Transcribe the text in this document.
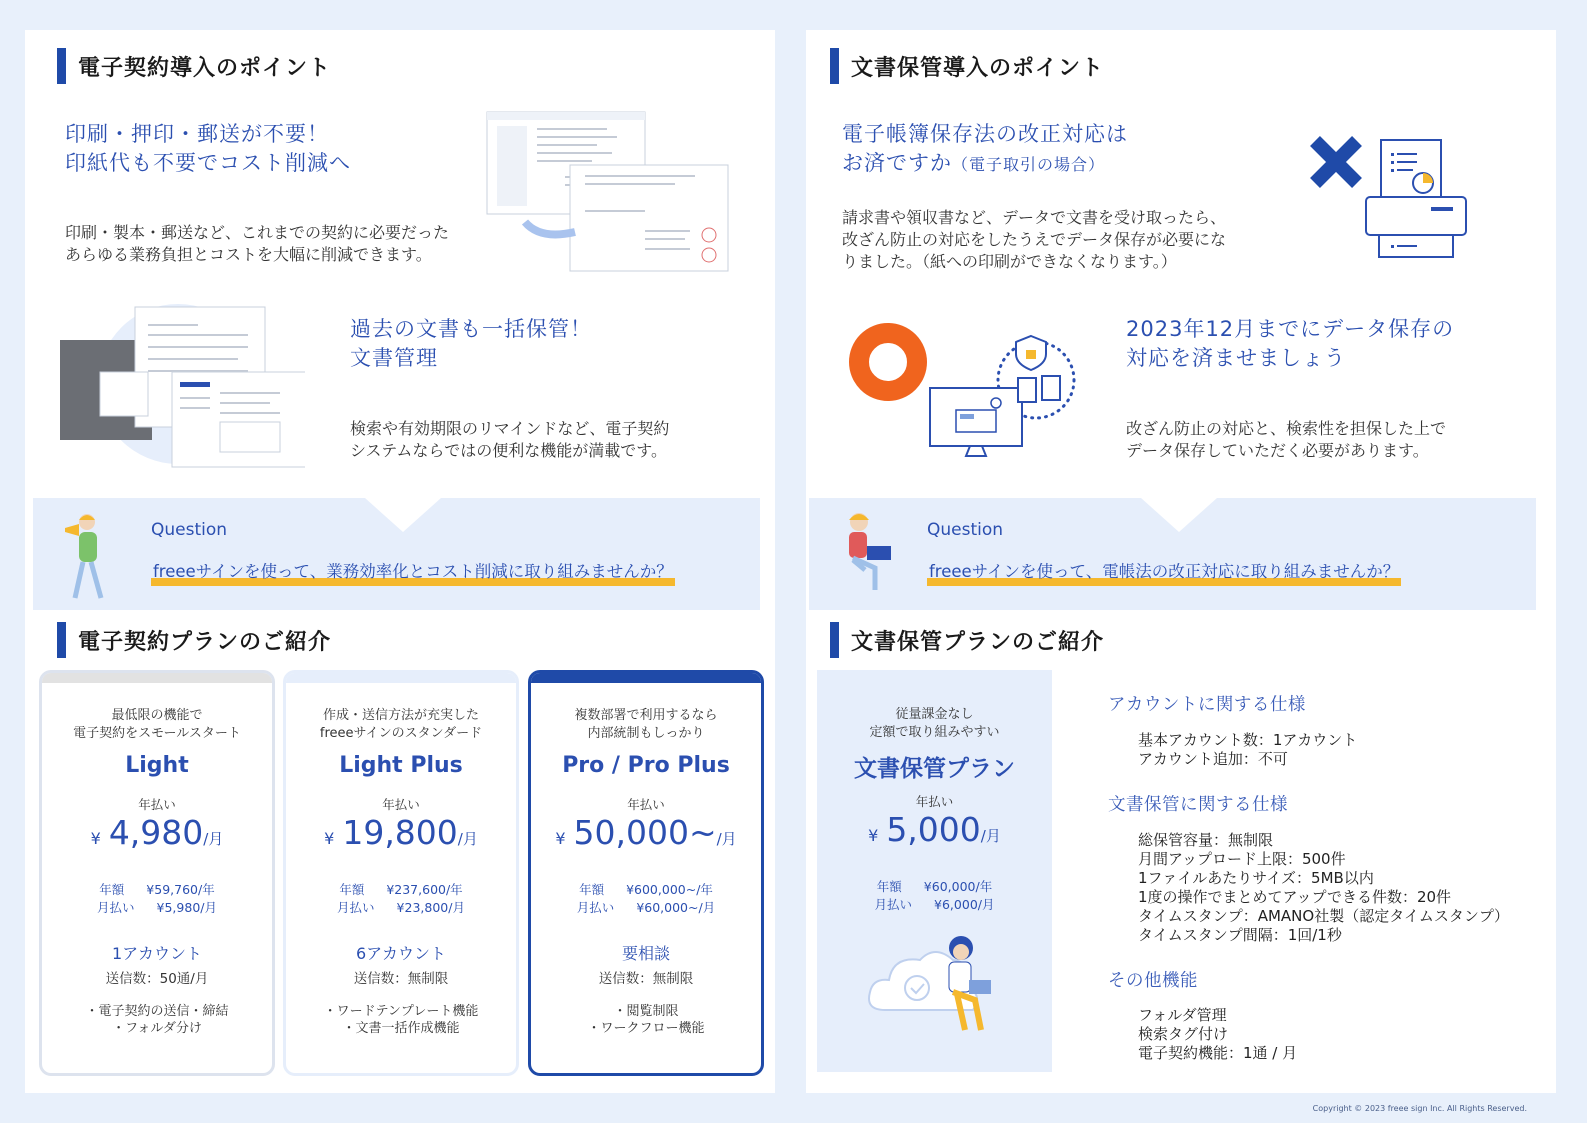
電子契約導入のポイント
印刷・押印・郵送が不要！
印紙代も不要でコスト削減へ
印刷・製本・郵送など、これまでの契約に必要だった
あらゆる業務負担とコストを大幅に削減できます。
過去の文書も一括保管！
文書管理
検索や有効期限のリマインドなど、電子契約
システムならではの便利な機能が満載です。
Question
freeeサインを使って、業務効率化とコスト削減に取り組みませんか？
電子契約プランのご紹介
最低限の機能で
電子契約をスモールスタート
Light
年払い
¥ 4,980/月
年額 ¥59,760/年
月払い ¥5,980/月
1アカウント
送信数：50通/月
・電子契約の送信・締結
・フォルダ分け
作成・送信方法が充実した
freeeサインのスタンダード
Light Plus
年払い
¥ 19,800/月
年額 ¥237,600/年
月払い ¥23,800/月
6アカウント
送信数：無制限
・ワードテンプレート機能
・文書一括作成機能
複数部署で利用するなら
内部統制もしっかり
Pro / Pro Plus
年払い
¥ 50,000~/月
年額 ¥600,000~/年
月払い ¥60,000~/月
要相談
送信数：無制限
・閲覧制限
・ワークフロー機能
文書保管導入のポイント
電子帳簿保存法の改正対応は
お済ですか（電子取引の場合）
請求書や領収書など、データで文書を受け取ったら、
改ざん防止の対応をしたうえでデータ保存が必要にな
りました。（紙への印刷ができなくなります。）
2023年12月までにデータ保存の
対応を済ませましょう
改ざん防止の対応と、検索性を担保した上で
データ保存していただく必要があります。
Question
freeeサインを使って、電帳法の改正対応に取り組みませんか？
文書保管プランのご紹介
従量課金なし
定額で取り組みやすい
文書保管プラン
年払い
¥ 5,000/月
年額 ¥60,000/年
月払い ¥6,000/月
アカウントに関する仕様
基本アカウント数：1アカウント
アカウント追加：不可
文書保管に関する仕様
総保管容量：無制限
月間アップロード上限：500件
1ファイルあたりサイズ：5MB以内
1度の操作でまとめてアップできる件数：20件
タイムスタンプ：AMANO社製（認定タイムスタンプ）
タイムスタンプ間隔：1回/1秒
その他機能
フォルダ管理
検索タグ付け
電子契約機能：1通 / 月
Copyright © 2023 freee sign Inc. All Rights Reserved.
